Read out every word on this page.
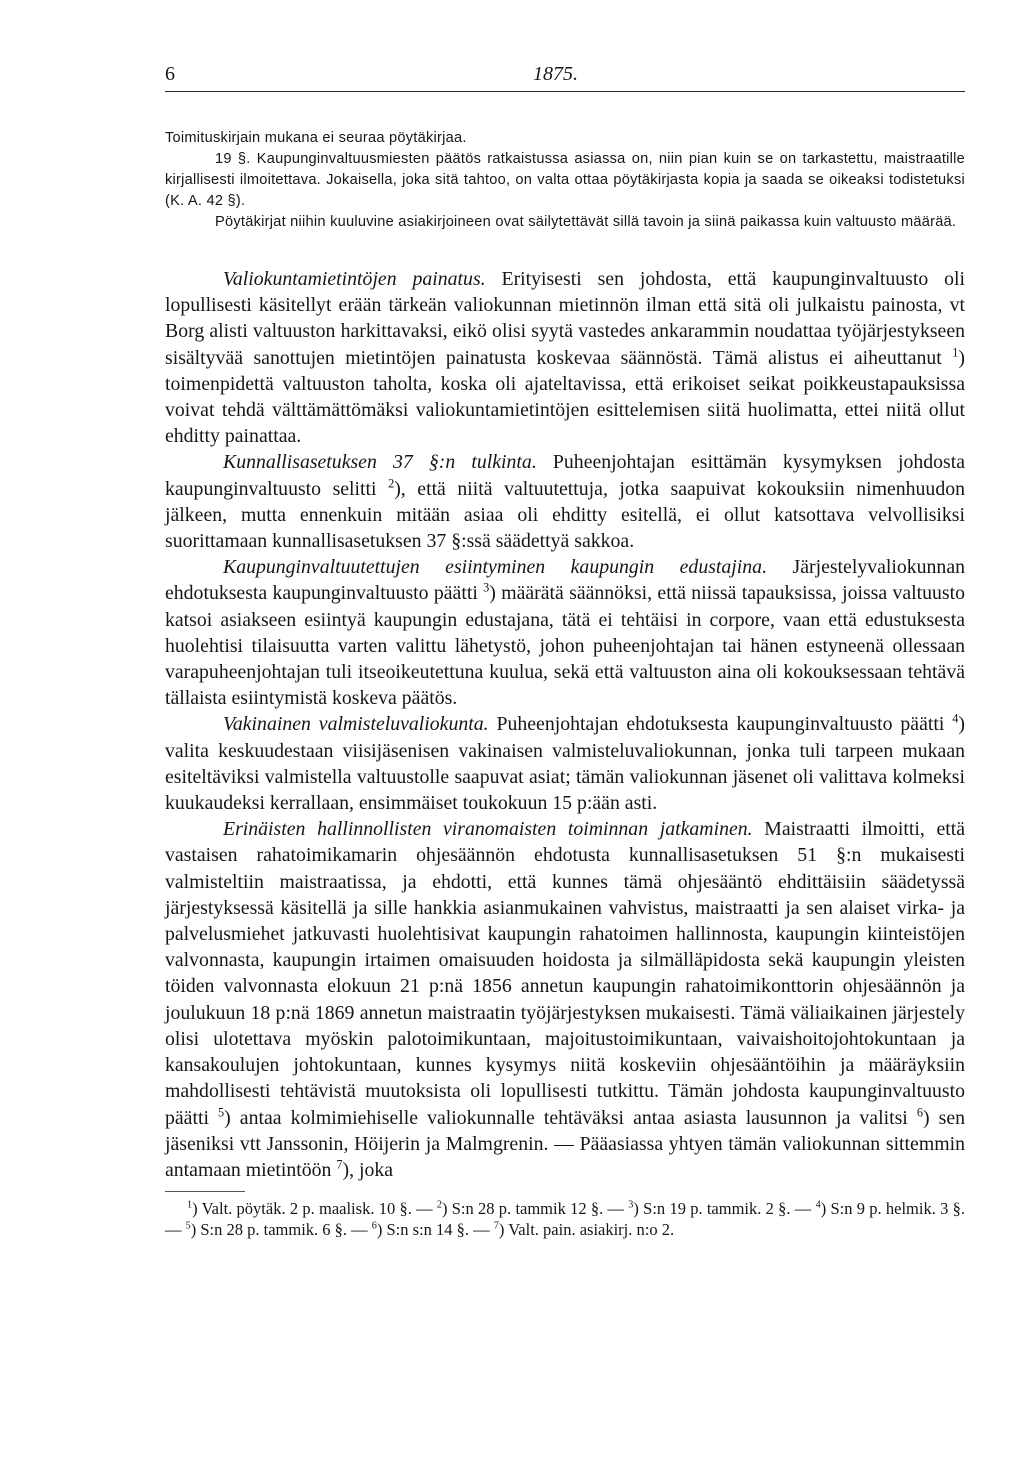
6	1875.

Toimituskirjain mukana ei seuraa pöytäkirjaa.

19 §. Kaupunginvaltuusmiesten päätös ratkaistussa asiassa on, niin pian kuin se on tarkastettu, maistraatille kirjallisesti ilmoitettava. Jokaisella, joka sitä tahtoo, on valta ottaa pöytäkirjasta kopia ja saada se oikeaksi todistetuksi (K. A. 42 §).

Pöytäkirjat niihin kuuluvine asiakirjoineen ovat säilytettävät sillä tavoin ja siinä paikassa kuin valtuusto määrää.

Valiokuntamietintöjen painatus. Erityisesti sen johdosta, että kaupunginvaltuusto oli lopullisesti käsitellyt erään tärkeän valiokunnan mietinnön ilman että sitä oli julkaistu painosta, vt Borg alisti valtuuston harkittavaksi, eikö olisi syytä vastedes ankarammin noudattaa työjärjestykseen sisältyvää sanottujen mietintöjen painatusta koskevaa säännöstä. Tämä alistus ei aiheuttanut $^1$) toimenpidettä valtuuston taholta, koska oli ajateltavissa, että erikoiset seikat poikkeustapauksissa voivat tehdä välttämättömäksi valiokuntamietintöjen esittelemisen siitä huolimatta, ettei niitä ollut ehditty painattaa.

Kunnallisasetuksen 37 §:n tulkinta. Puheenjohtajan esittämän kysymyksen johdosta kaupunginvaltuusto selitti $^2$), että niitä valtuutettuja, jotka saapuivat kokouksiin nimenhuudon jälkeen, mutta ennenkuin mitään asiaa oli ehditty esitellä, ei ollut katsottava velvollisiksi suorittamaan kunnallisasetuksen 37 §:ssä säädettyä sakkoa.

Kaupunginvaltuutettujen esiintyminen kaupungin edustajina. Järjestelyvaliokunnan ehdotuksesta kaupunginvaltuusto päätti $^3$) määrätä säännöksi, että niissä tapauksissa, joissa valtuusto katsoi asiakseen esiintyä kaupungin edustajana, tätä ei tehtäisi in corpore, vaan että edustuksesta huolehtisi tilaisuutta varten valittu lähetystö, johon puheenjohtajan tai hänen estyneenä ollessaan varapuheenjohtajan tuli itseoikeutettuna kuulua, sekä että valtuuston aina oli kokouksessaan tehtävä tällaista esiintymistä koskeva päätös.

Vakinainen valmisteluvaliokunta. Puheenjohtajan ehdotuksesta kaupunginvaltuusto päätti $^4$) valita keskuudestaan viisijäsenisen vakinaisen valmisteluvaliokunnan, jonka tuli tarpeen mukaan esiteltäviksi valmistella valtuustolle saapuvat asiat; tämän valiokunnan jäsenet oli valittava kolmeksi kuukaudeksi kerrallaan, ensimmäiset toukokuun 15 p:ään asti.

Erinäisten hallinnollisten viranomaisten toiminnan jatkaminen. Maistraatti ilmoitti, että vastaisen rahatoimikamarin ohjesäännön ehdotusta kunnallisasetuksen 51 §:n mukaisesti valmisteltiin maistraatissa, ja ehdotti, että kunnes tämä ohjesääntö ehdittäisiin säädetyssä järjestyksessä käsitellä ja sille hankkia asianmukainen vahvistus, maistraatti ja sen alaiset virka- ja palvelusmiehet jatkuvasti huolehtisivat kaupungin rahatoimen hallinnosta, kaupungin kiinteistöjen valvonnasta, kaupungin irtaimen omaisuuden hoidosta ja silmälläpidosta sekä kaupungin yleisten töiden valvonnasta elokuun 21 p:nä 1856 annetun kaupungin rahatoimikonttorin ohjesäännön ja joulukuun 18 p:nä 1869 annetun maistraatin työjärjestyksen mukaisesti. Tämä väliaikainen järjestely olisi ulotettava myöskin palotoimikuntaan, majoitustoimikuntaan, vaivaishoitojohtokuntaan ja kansakoulujen johtokuntaan, kunnes kysymys niitä koskeviin ohjesääntöihin ja määräyksiin mahdollisesti tehtävistä muutoksista oli lopullisesti tutkittu. Tämän johdosta kaupunginvaltuusto päätti $^5$) antaa kolmimiehiselle valiokunnalle tehtäväksi antaa asiasta lausunnon ja valitsi $^6$) sen jäseniksi vtt Janssonin, Höijerin ja Malmgrenin. — Pääasiassa yhtyen tämän valiokunnan sittemmin antamaan mietintöön $^7$), joka

$^1$) Valt. pöytäk. 2 p. maalisk. 10 §. — $^2$) S:n 28 p. tammik 12 §. — $^3$) S:n 19 p. tammik. 2 §. — $^4$) S:n 9 p. helmik. 3 §. — $^5$) S:n 28 p. tammik. 6 §. — $^6$) S:n s:n 14 §. — $^7$) Valt. pain. asiakirj. n:o 2.
